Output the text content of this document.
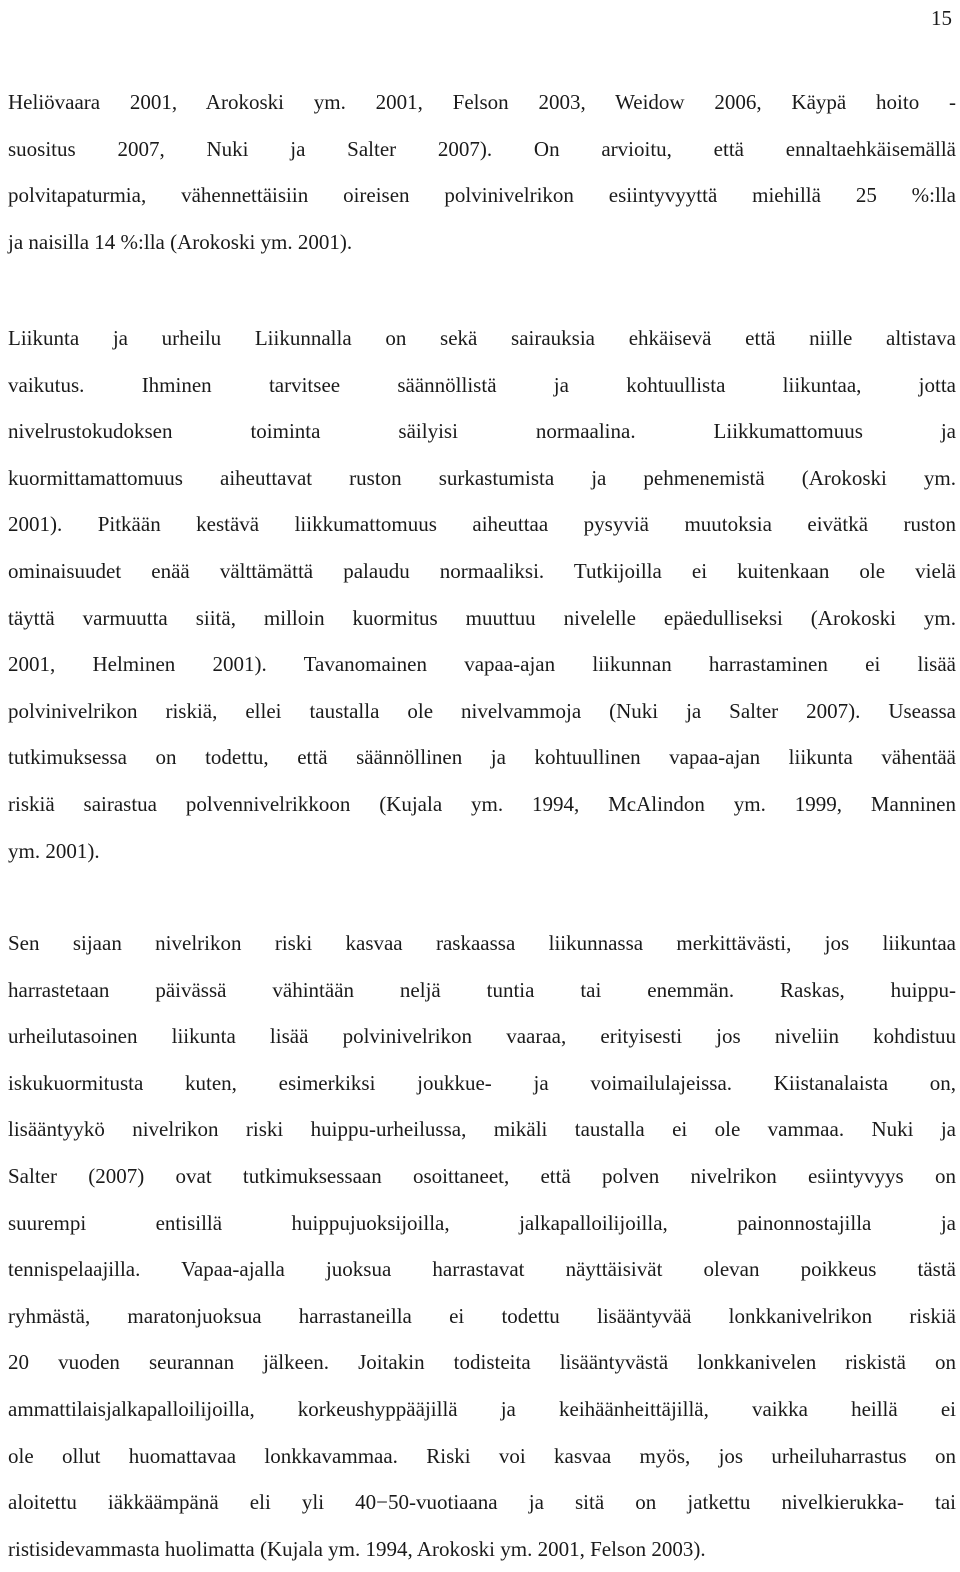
15
Heliövaara 2001, Arokoski ym. 2001, Felson 2003, Weidow 2006, Käypä hoito -
suositus 2007, Nuki ja Salter 2007). On arvioitu, että ennaltaehkäisemällä
polvitapaturmia, vähennettäisiin oireisen polvinivelrikon esiintyvyyttä miehillä 25 %:lla
ja naisilla 14 %:lla (Arokoski ym. 2001).
Liikunta ja urheilu Liikunnalla on sekä sairauksia ehkäisevä että niille altistava
vaikutus. Ihminen tarvitsee säännöllistä ja kohtuullista liikuntaa, jotta
nivelrustokudoksen toiminta säilyisi normaalina. Liikkumattomuus ja
kuormittamattomuus aiheuttavat ruston surkastumista ja pehmenemistä (Arokoski ym.
2001). Pitkään kestävä liikkumattomuus aiheuttaa pysyviä muutoksia eivätkä ruston
ominaisuudet enää välttämättä palaudu normaaliksi. Tutkijoilla ei kuitenkaan ole vielä
täyttä varmuutta siitä, milloin kuormitus muuttuu nivelelle epäedulliseksi (Arokoski ym.
2001, Helminen 2001). Tavanomainen vapaa-ajan liikunnan harrastaminen ei lisää
polvinivelrikon riskiä, ellei taustalla ole nivelvammoja (Nuki ja Salter 2007). Useassa
tutkimuksessa on todettu, että säännöllinen ja kohtuullinen vapaa-ajan liikunta vähentää
riskiä sairastua polvennivelrikkoon (Kujala ym. 1994, McAlindon ym. 1999, Manninen
ym. 2001).
Sen sijaan nivelrikon riski kasvaa raskaassa liikunnassa merkittävästi, jos liikuntaa
harrastetaan päivässä vähintään neljä tuntia tai enemmän. Raskas, huippu-
urheilutasoinen liikunta lisää polvinivelrikon vaaraa, erityisesti jos niveliin kohdistuu
iskukuormitusta kuten, esimerkiksi joukkue- ja voimailulajeissa. Kiistanalaista on,
lisääntyykö nivelrikon riski huippu-urheilussa, mikäli taustalla ei ole vammaa. Nuki ja
Salter (2007) ovat tutkimuksessaan osoittaneet, että polven nivelrikon esiintyvyys on
suurempi entisillä huippujuoksijoilla, jalkapalloilijoilla, painonnostajilla ja
tennispelaajilla. Vapaa-ajalla juoksua harrastavat näyttäisivät olevan poikkeus tästä
ryhmästä, maratonjuoksua harrastaneilla ei todettu lisääntyvää lonkkanivelrikon riskiä
20 vuoden seurannan jälkeen. Joitakin todisteita lisääntyvästä lonkkanivelen riskistä on
ammattilaisjalkapalloilijoilla, korkeushyppääjillä ja keihäänheittäjillä, vaikka heillä ei
ole ollut huomattavaa lonkkavammaa. Riski voi kasvaa myös, jos urheiluharrastus on
aloitettu iäkkäämpänä eli yli 40−50-vuotiaana ja sitä on jatkettu nivelkierukka- tai
ristisidevammasta huolimatta (Kujala ym. 1994, Arokoski ym. 2001, Felson 2003).
